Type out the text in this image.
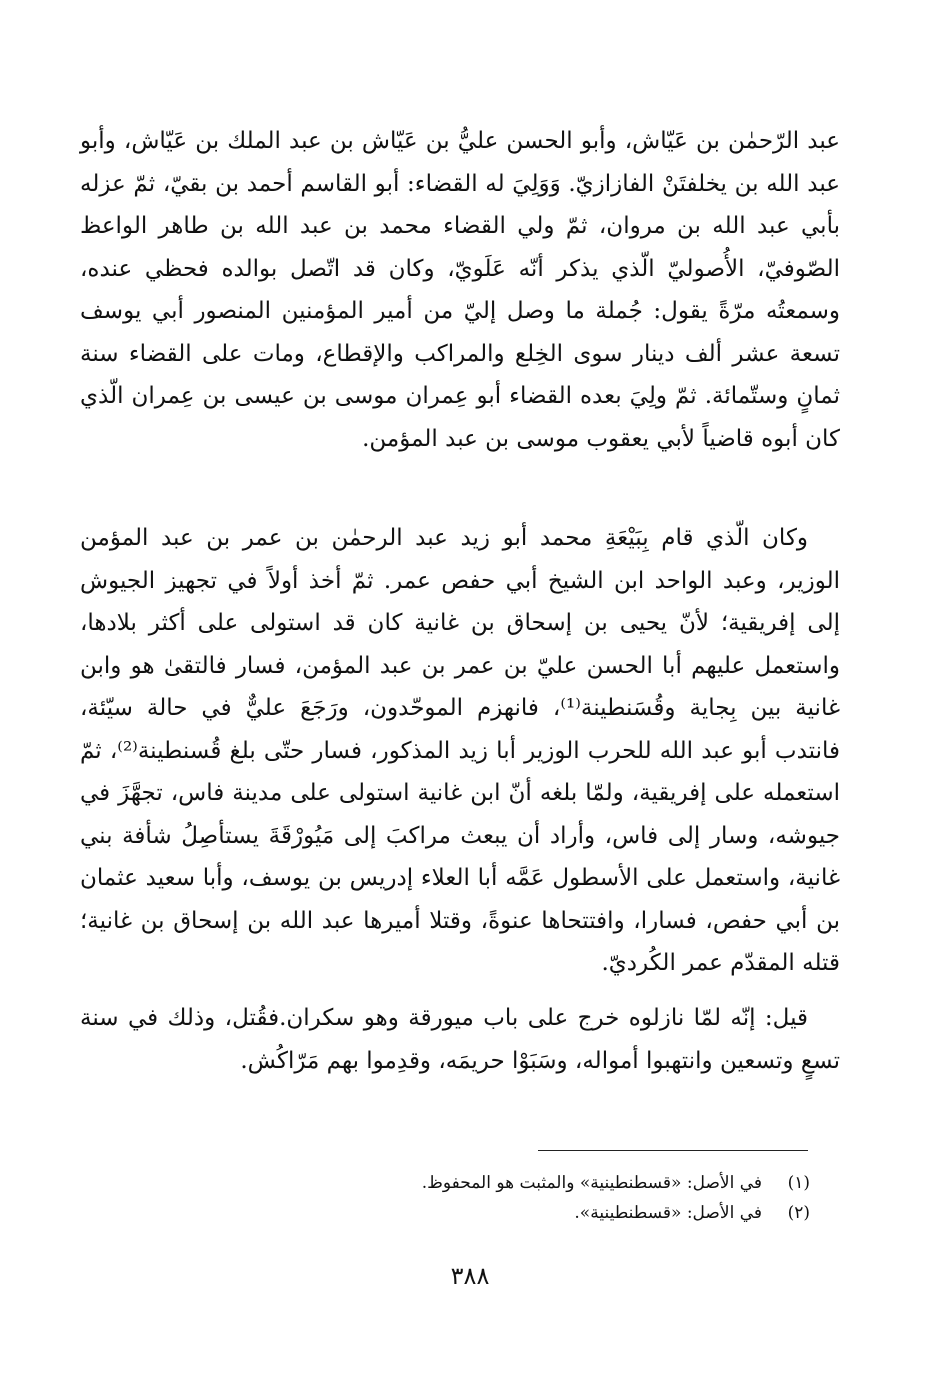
عبد الرّحمٰن بن عَيّاش، وأبو الحسن عليُّ بن عَيّاش بن عبد الملك بن عَيّاش، وأبو عبد الله بن يخلفتَنْ الفازازيّ. وَوَلِيَ له القضاء: أبو القاسم أحمد بن بقيّ، ثمّ عزله بأبي عبد الله بن مروان، ثمّ ولي القضاء محمد بن عبد الله بن طاهر الواعظ الصّوفيّ، الأُصوليّ الّذي يذكر أنّه عَلَويّ، وكان قد اتّصل بوالده فحظي عنده، وسمعتُه مرّةً يقول: جُملة ما وصل إليّ من أمير المؤمنين المنصور أبي يوسف تسعة عشر ألف دينار سوى الخِلع والمراكب والإقطاع، ومات على القضاء سنة ثمانٍ وستّمائة. ثمّ ولِيَ بعده القضاء أبو عِمران موسى بن عيسى بن عِمران الّذي كان أبوه قاضياً لأبي يعقوب موسى بن عبد المؤمن.

وكان الّذي قام بِبَيْعَةِ محمد أبو زيد عبد الرحمٰن بن عمر بن عبد المؤمن الوزير، وعبد الواحد ابن الشيخ أبي حفص عمر. ثمّ أخذ أولاً في تجهيز الجيوش إلى إفريقية؛ لأنّ يحيى بن إسحاق بن غانية كان قد استولى على أكثر بلادها، واستعمل عليهم أبا الحسن عليّ بن عمر بن عبد المؤمن، فسار فالتقىٰ هو وابن غانية بين بِجاية وقُسَنطينة⁽¹⁾، فانهزم الموحّدون، ورَجَعَ عليٌّ في حالة سيّئة، فانتدب أبو عبد الله للحرب الوزير أبا زيد المذكور، فسار حتّى بلغ قُسنطينة⁽²⁾، ثمّ استعمله على إفريقية، ولمّا بلغه أنّ ابن غانية استولى على مدينة فاس، تجهَّزَ في جيوشه، وسار إلى فاس، وأراد أن يبعث مراكبَ إلى مَيُورْقَةَ يستأصِلُ شأفة بني غانية، واستعمل على الأسطول عَمَّه أبا العلاء إدريس بن يوسف، وأبا سعيد عثمان بن أبي حفص، فسارا، وافتتحاها عنوةً، وقتلا أميرها عبد الله بن إسحاق بن غانية؛ قتله المقدّم عمر الكُرديّ.

قيل: إنّه لمّا نازلوه خرج على باب ميورقة وهو سكران.فقُتل، وذلك في سنة تسعٍ وتسعين وانتهبوا أمواله، وسَبَوْا حريمَه، وقدِموا بهم مَرّاكُش.

(١)
في الأصل: «قسطنطينية» والمثبت هو المحفوظ.
(٢)
في الأصل: «قسطنطينية».
٣٨٨
